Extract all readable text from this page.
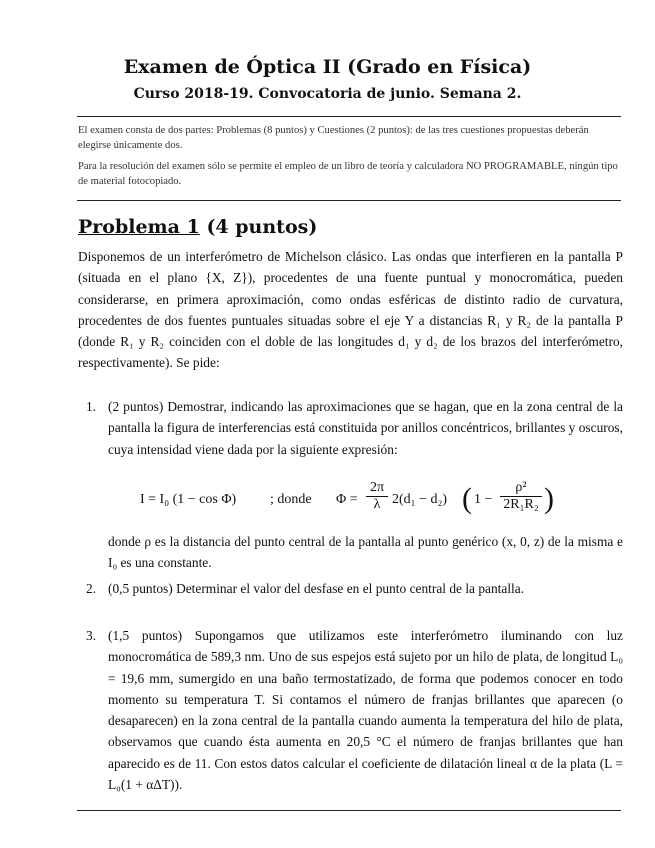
Examen de Óptica II (Grado en Física)
Curso 2018-19. Convocatoria de junio. Semana 2.
El examen consta de dos partes: Problemas (8 puntos) y Cuestiones (2 puntos): de las tres cuestiones propuestas deberán elegirse únicamente dos.
Para la resolución del examen sólo se permite el empleo de un libro de teoría y calculadora NO PROGRAMABLE, ningún tipo de material fotocopiado.
Problema 1 (4 puntos)
Disponemos de un interferómetro de Michelson clásico. Las ondas que interfieren en la pantalla P (situada en el plano {X, Z}), procedentes de una fuente puntual y monocromática, pueden considerarse, en primera aproximación, como ondas esféricas de distinto radio de curvatura, procedentes de dos fuentes puntuales situadas sobre el eje Y a distancias R₁ y R₂ de la pantalla P (donde R₁ y R₂ coinciden con el doble de las longitudes d₁ y d₂ de los brazos del interferómetro, respectivamente). Se pide:
1. (2 puntos) Demostrar, indicando las aproximaciones que se hagan, que en la zona central de la pantalla la figura de interferencias está constituida por anillos concéntricos, brillantes y oscuros, cuya intensidad viene dada por la siguiente expresión:
I = I₀ (1 − cos Φ) ; donde $\Phi = \frac{2\pi}{\lambda} 2(d_1 - d_2)$ ( $1 - \frac{\text{ρ²}}{\text{2R₁R₂}}$ )
donde ρ es la distancia del punto central de la pantalla al punto genérico (x, 0, z) de la misma e I₀ es una constante.
2. (0,5 puntos) Determinar el valor del desfase en el punto central de la pantalla.
3. (1,5 puntos) Supongamos que utilizamos este interferómetro iluminando con luz monocromática de 589,3 nm. Uno de sus espejos está sujeto por un hilo de plata, de longitud L₀ = 19,6 mm, sumergido en una baño termostatizado, de forma que podemos conocer en todo momento su temperatura T. Si contamos el número de franjas brillantes que aparecen (o desaparecen) en la zona central de la pantalla cuando aumenta la temperatura del hilo de plata, observamos que cuando ésta aumenta en 20,5 °C el número de franjas brillantes que han aparecido es de 11. Con estos datos calcular el coeficiente de dilatación lineal α de la plata (L = L₀(1 + αΔT)).
